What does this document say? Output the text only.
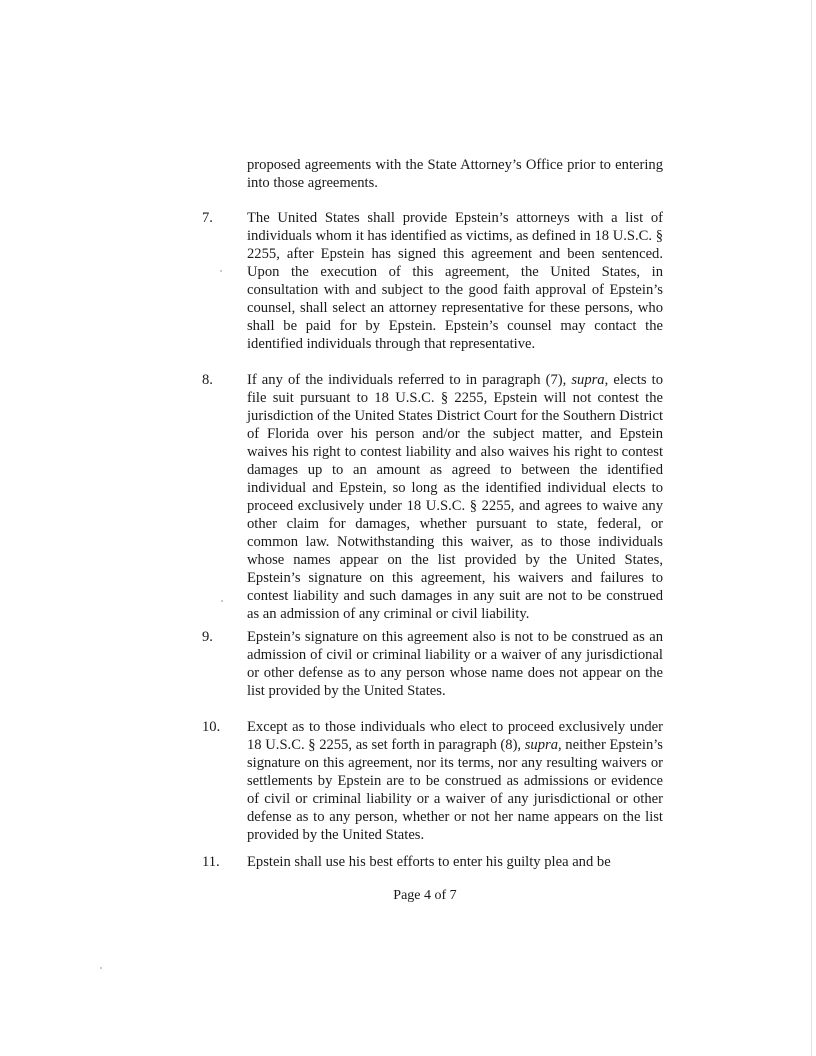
proposed agreements with the State Attorney’s Office prior to entering into those agreements.
7.	The United States shall provide Epstein’s attorneys with a list of individuals whom it has identified as victims, as defined in 18 U.S.C. § 2255, after Epstein has signed this agreement and been sentenced. Upon the execution of this agreement, the United States, in consultation with and subject to the good faith approval of Epstein’s counsel, shall select an attorney representative for these persons, who shall be paid for by Epstein. Epstein’s counsel may contact the identified individuals through that representative.
8.	If any of the individuals referred to in paragraph (7), supra, elects to file suit pursuant to 18 U.S.C. § 2255, Epstein will not contest the jurisdiction of the United States District Court for the Southern District of Florida over his person and/or the subject matter, and Epstein waives his right to contest liability and also waives his right to contest damages up to an amount as agreed to between the identified individual and Epstein, so long as the identified individual elects to proceed exclusively under 18 U.S.C. § 2255, and agrees to waive any other claim for damages, whether pursuant to state, federal, or common law. Notwithstanding this waiver, as to those individuals whose names appear on the list provided by the United States, Epstein’s signature on this agreement, his waivers and failures to contest liability and such damages in any suit are not to be construed as an admission of any criminal or civil liability.
9.	Epstein’s signature on this agreement also is not to be construed as an admission of civil or criminal liability or a waiver of any jurisdictional or other defense as to any person whose name does not appear on the list provided by the United States.
10.	Except as to those individuals who elect to proceed exclusively under 18 U.S.C. § 2255, as set forth in paragraph (8), supra, neither Epstein’s signature on this agreement, nor its terms, nor any resulting waivers or settlements by Epstein are to be construed as admissions or evidence of civil or criminal liability or a waiver of any jurisdictional or other defense as to any person, whether or not her name appears on the list provided by the United States.
11.	Epstein shall use his best efforts to enter his guilty plea and be
Page 4 of 7
